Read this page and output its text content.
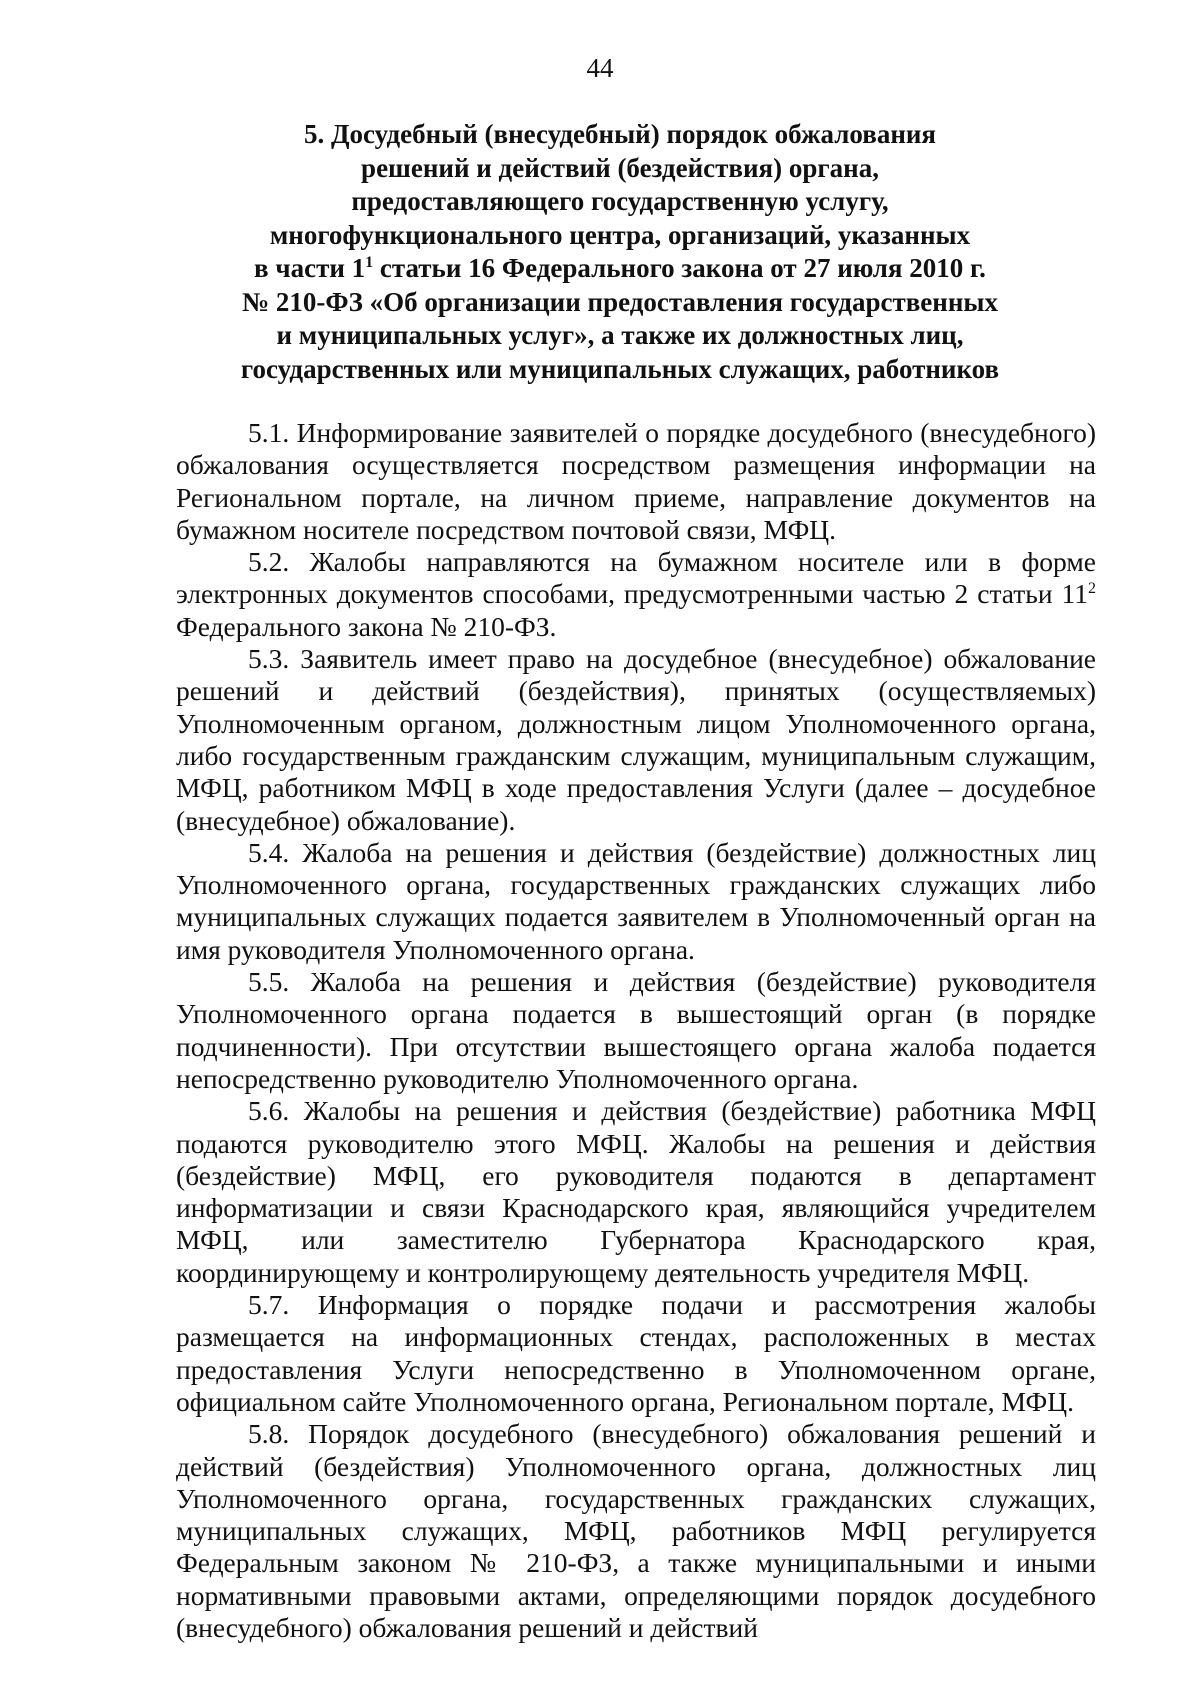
44
5. Досудебный (внесудебный) порядок обжалования
решений и действий (бездействия) органа,
предоставляющего государственную услугу,
многофункционального центра, организаций, указанных
в части $1^1$ статьи 16 Федерального закона от 27 июля 2010 г.
№ 210-ФЗ «Об организации предоставления государственных
и муниципальных услуг», а также их должностных лиц,
государственных или муниципальных служащих, работников

5.1. Информирование заявителей о порядке досудебного (внесудебного) обжалования осуществляется посредством размещения информации на Региональном портале, на личном приеме, направление документов на бумажном носителе посредством почтовой связи, МФЦ.

5.2. Жалобы направляются на бумажном носителе или в форме электронных документов способами, предусмотренными частью 2 статьи $11^2$ Федерального закона № 210-ФЗ.

5.3. Заявитель имеет право на досудебное (внесудебное) обжалование решений и действий (бездействия), принятых (осуществляемых) Уполномоченным органом, должностным лицом Уполномоченного органа, либо государственным гражданским служащим, муниципальным служащим, МФЦ, работником МФЦ в ходе предоставления Услуги (далее – досудебное (внесудебное) обжалование).

5.4. Жалоба на решения и действия (бездействие) должностных лиц Уполномоченного органа, государственных гражданских служащих либо муниципальных служащих подается заявителем в Уполномоченный орган на имя руководителя Уполномоченного органа.

5.5. Жалоба на решения и действия (бездействие) руководителя Уполномоченного органа подается в вышестоящий орган (в порядке подчиненности). При отсутствии вышестоящего органа жалоба подается непосредственно руководителю Уполномоченного органа.

5.6. Жалобы на решения и действия (бездействие) работника МФЦ подаются руководителю этого МФЦ. Жалобы на решения и действия (бездействие) МФЦ, его руководителя подаются в департамент информатизации и связи Краснодарского края, являющийся учредителем МФЦ, или заместителю Губернатора Краснодарского края, координирующему и контролирующему деятельность учредителя МФЦ.

5.7. Информация о порядке подачи и рассмотрения жалобы размещается на информационных стендах, расположенных в местах предоставления Услуги непосредственно в Уполномоченном органе, официальном сайте Уполномоченного органа, Региональном портале, МФЦ.

5.8. Порядок досудебного (внесудебного) обжалования решений и действий (бездействия) Уполномоченного органа, должностных лиц Уполномоченного органа, государственных гражданских служащих, муниципальных служащих, МФЦ, работников МФЦ регулируется Федеральным законом № 210-ФЗ, а также муниципальными и иными нормативными правовыми актами, определяющими порядок досудебного (внесудебного) обжалования решений и действий
